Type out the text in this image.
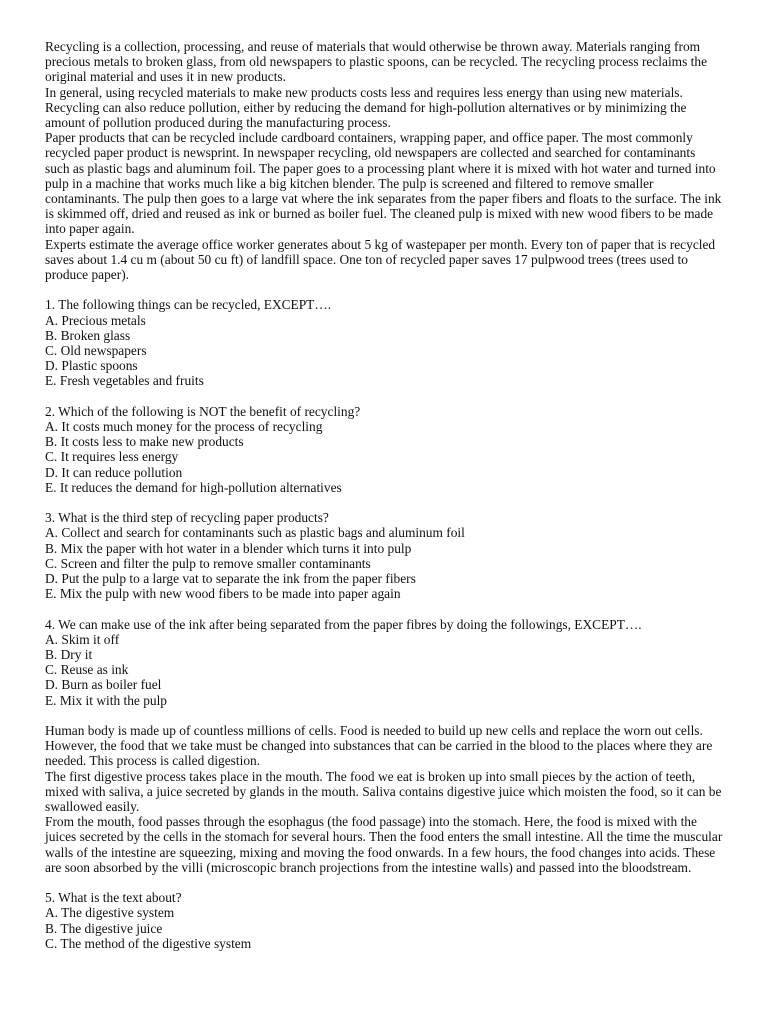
Recycling is a collection, processing, and reuse of materials that would otherwise be thrown away. Materials ranging from precious metals to broken glass, from old newspapers to plastic spoons, can be recycled. The recycling process reclaims the original material and uses it in new products.

In general, using recycled materials to make new products costs less and requires less energy than using new materials. Recycling can also reduce pollution, either by reducing the demand for high-pollution alternatives or by minimizing the amount of pollution produced during the manufacturing process.

Paper products that can be recycled include cardboard containers, wrapping paper, and office paper. The most commonly recycled paper product is newsprint. In newspaper recycling, old newspapers are collected and searched for contaminants such as plastic bags and aluminum foil. The paper goes to a processing plant where it is mixed with hot water and turned into pulp in a machine that works much like a big kitchen blender. The pulp is screened and filtered to remove smaller contaminants. The pulp then goes to a large vat where the ink separates from the paper fibers and floats to the surface. The ink is skimmed off, dried and reused as ink or burned as boiler fuel. The cleaned pulp is mixed with new wood fibers to be made into paper again.

Experts estimate the average office worker generates about 5 kg of wastepaper per month. Every ton of paper that is recycled saves about 1.4 cu m (about 50 cu ft) of landfill space. One ton of recycled paper saves 17 pulpwood trees (trees used to produce paper).

1. The following things can be recycled, EXCEPT….

A. Precious metals

B. Broken glass

C. Old newspapers

D. Plastic spoons

E. Fresh vegetables and fruits

2. Which of the following is NOT the benefit of recycling?

A. It costs much money for the process of recycling

B. It costs less to make new products

C. It requires less energy

D. It can reduce pollution

E. It reduces the demand for high-pollution alternatives

3. What is the third step of recycling paper products?

A. Collect and search for contaminants such as plastic bags and aluminum foil

B. Mix the paper with hot water in a blender which turns it into pulp

C. Screen and filter the pulp to remove smaller contaminants

D. Put the pulp to a large vat to separate the ink from the paper fibers

E. Mix the pulp with new wood fibers to be made into paper again

4. We can make use of the ink after being separated from the paper fibres by doing the followings, EXCEPT….

A. Skim it off

B. Dry it

C. Reuse as ink

D. Burn as boiler fuel

E. Mix it with the pulp

Human body is made up of countless millions of cells. Food is needed to build up new cells and replace the worn out cells. However, the food that we take must be changed into substances that can be carried in the blood to the places where they are needed. This process is called digestion.

The first digestive process takes place in the mouth. The food we eat is broken up into small pieces by the action of teeth, mixed with saliva, a juice secreted by glands in the mouth. Saliva contains digestive juice which moisten the food, so it can be swallowed easily.

From the mouth, food passes through the esophagus (the food passage) into the stomach. Here, the food is mixed with the juices secreted by the cells in the stomach for several hours. Then the food enters the small intestine. All the time the muscular walls of the intestine are squeezing, mixing and moving the food onwards. In a few hours, the food changes into acids. These are soon absorbed by the villi (microscopic branch projections from the intestine walls) and passed into the bloodstream.

5. What is the text about?

A. The digestive system

B. The digestive juice

C. The method of the digestive system
